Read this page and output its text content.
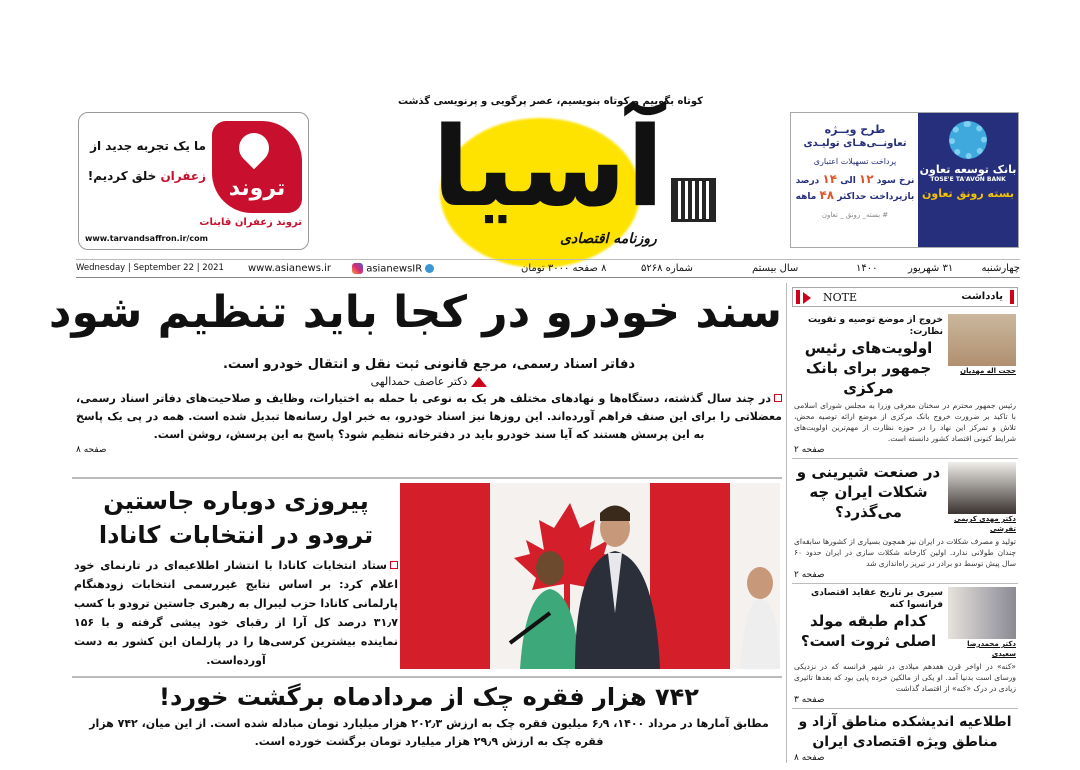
ما یک تجربه جدید از
زعفران خلق کردیم!	تروند
تروند زعفران قاینات
www.tarvandsaffron.ir/com
آسیا
کوتاه بگوییم و کوتاه بنویسیم، عصر پرگویی و پرنویسی گذشت
روزنامه اقتصادی
طرح ویــژه
تعاونــی‌هـای تولیـدی
پرداخت تسهیلات اعتباری
نرخ سود ۱۲ الی ۱۴ درصد
بازپرداخت حداکثر ۴۸ ماهه
# بسته_ رونق _ تعاون
بانک توسعه تعاون
TOSE'E TA'AVON BANK
بسته رونق تعاون
Wednesday | September 22 | 2021 www.asianews.ir	asianewsIR	۸ صفحه ۳۰۰۰ تومان	شماره ۵۲۶۸	سال بیستم	۱۴۰۰	۳۱ شهریور	چهارشنبه
سند خودرو در کجا باید تنظیم شود
دفاتر اسناد رسمی، مرجع قانونی ثبت نقل و انتقال خودرو است.
دکتر عاصف حمدالهی
در چند سال گذشته، دستگاه‌ها و نهادهای مختلف هر یک به نوعی با حمله به اختیارات، وظایف و صلاحیت‌های دفاتر اسناد رسمی، معضلاتی را برای این صنف فراهم آورده‌اند. این روزها نیز اسناد خودرو، به خبر اول رسانه‌ها تبدیل شده است. همه در پی یک پاسخ به این پرسش هستند که آیا سند خودرو باید در دفترخانه تنظیم شود؟ پاسخ به این پرسش، روشن است.
صفحه ۸
پیروزی دوباره جاستین ترودو در انتخابات کانادا
ستاد انتخابات کانادا با انتشار اطلاعیه‌ای در تارنمای خود اعلام کرد: بر اساس نتایج غیررسمی انتخابات زودهنگام پارلمانی کانادا حزب لیبرال به رهبری جاستین ترودو با کسب ۳۱٫۷ درصد کل آرا از رقبای خود پیشی گرفته و با ۱۵۶ نماینده بیشترین کرسی‌ها را در پارلمان این کشور به دست آورده‌است.
۷۴۲ هزار فقره چک از مردادماه برگشت خورد!
مطابق آمارها در مرداد ۱۴۰۰، ۶٫۹ میلیون فقره چک به ارزش ۲۰۲٫۳ هزار میلیارد تومان مبادله شده است. از این میان، ۷۴۲ هزار فقره چک به ارزش ۲۹٫۹ هزار میلیارد تومان برگشت خورده است.
یادداشت
NOTE
حجت اله مهدیان
خروج از موضع توصیه و تقویت نظارت:
اولویت‌های رئیس جمهور برای بانک مرکزی
رئیس جمهور محترم در سخنان معرفی وزرا به مجلس شورای اسلامی با تاکید بر ضرورت خروج بانک مرکزی از موضع ارائه توصیه محض، تلاش و تمرکز این نهاد را در حوزه نظارت از مهم‌ترین اولویت‌های شرایط کنونی اقتصاد کشور دانسته است.
صفحه ۲
دکتر مهدی کریمی تفرشی
در صنعت شیرینی و شکلات ایران چه می‌گذرد؟
تولید و مصرف شکلات در ایران نیز همچون بسیاری از کشورها سابقه‌ای چندان طولانی ندارد. اولین کارخانه شکلات سازی در ایران حدود ۶۰ سال پیش توسط دو برادر در تبریز راه‌اندازی شد
صفحه ۲
دکتر محمدرضا سعیدی
سیری بر تاریخ عقاید اقتصادی فرانسوا کنه
کدام طبقه مولد اصلی ثروت است؟
«کنه» در اواخر قرن هفدهم میلادی در شهر فرانسه که در نزدیکی ورسای است بدنیا آمد. او یکی از مالکین خرده پایی بود که بعدها تاثیری زیادی در درک «کنه» از اقتصاد گذاشت
صفحه ۳
اطلاعیه اندیشکده مناطق آزاد و مناطق ویژه اقتصادی ایران
صفحه ۸
